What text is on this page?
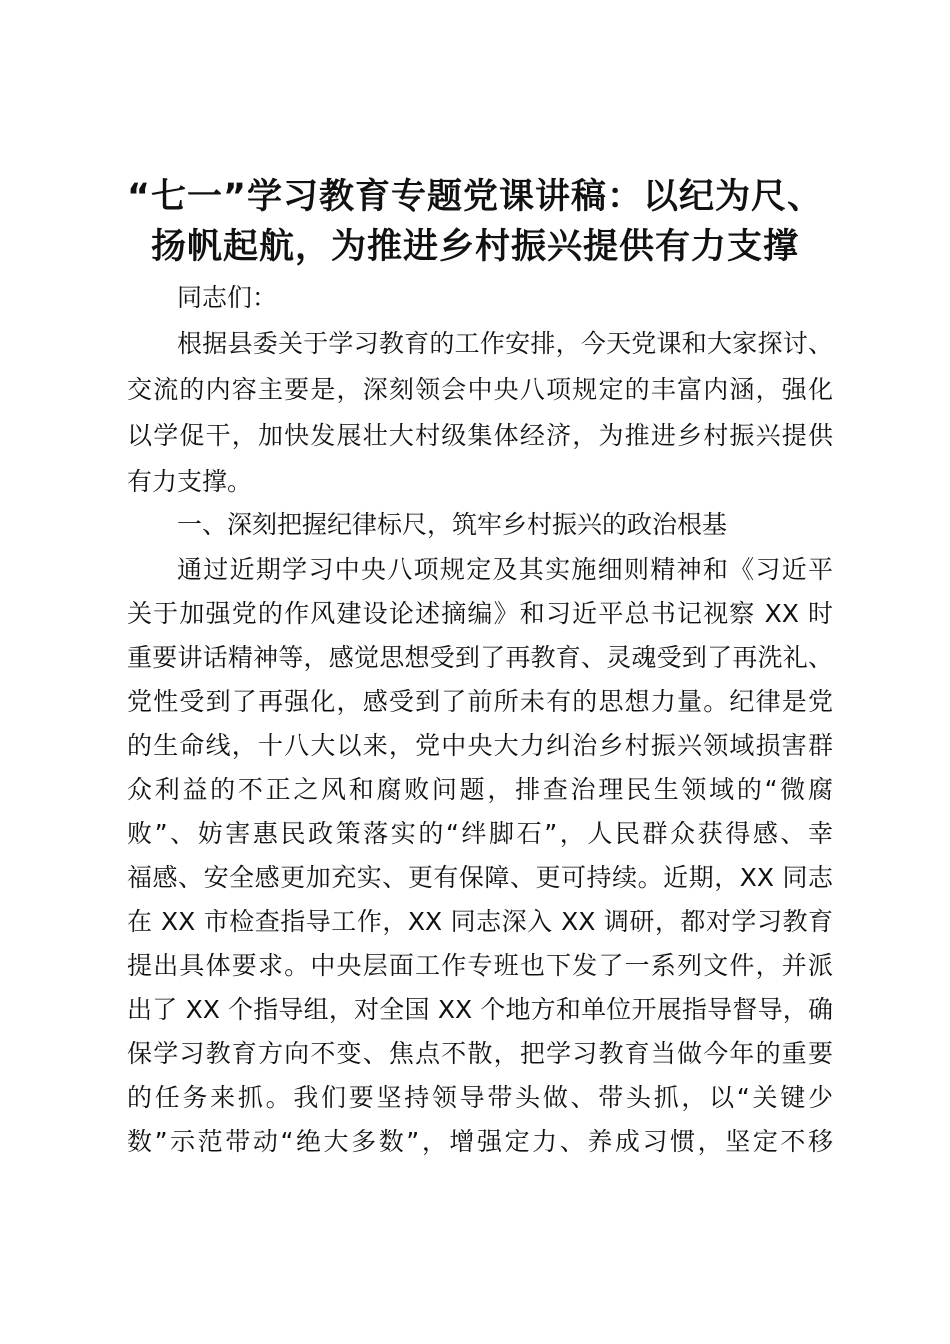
“七一”学习教育专题党课讲稿：以纪为尺、
扬帆起航，为推进乡村振兴提供有力支撑

同志们：

根据县委关于学习教育的工作安排，今天党课和大家探讨、

交流的内容主要是，深刻领会中央八项规定的丰富内涵，强化

以学促干，加快发展壮大村级集体经济，为推进乡村振兴提供

有力支撑。

一、深刻把握纪律标尺，筑牢乡村振兴的政治根基

通过近期学习中央八项规定及其实施细则精神和《习近平

关于加强党的作风建设论述摘编》和习近平总书记视察 XX 时

重要讲话精神等，感觉思想受到了再教育、灵魂受到了再洗礼、

党性受到了再强化，感受到了前所未有的思想力量。纪律是党

的生命线，十八大以来，党中央大力纠治乡村振兴领域损害群

众利益的不正之风和腐败问题，排查治理民生领域的“微腐

败”、妨害惠民政策落实的“绊脚石”，人民群众获得感、幸

福感、安全感更加充实、更有保障、更可持续。近期，XX 同志

在 XX 市检查指导工作，XX 同志深入 XX 调研，都对学习教育

提出具体要求。中央层面工作专班也下发了一系列文件，并派

出了 XX 个指导组，对全国 XX 个地方和单位开展指导督导，确

保学习教育方向不变、焦点不散，把学习教育当做今年的重要

的任务来抓。我们要坚持领导带头做、带头抓，以“关键少

数”示范带动“绝大多数”，增强定力、养成习惯，坚定不移
